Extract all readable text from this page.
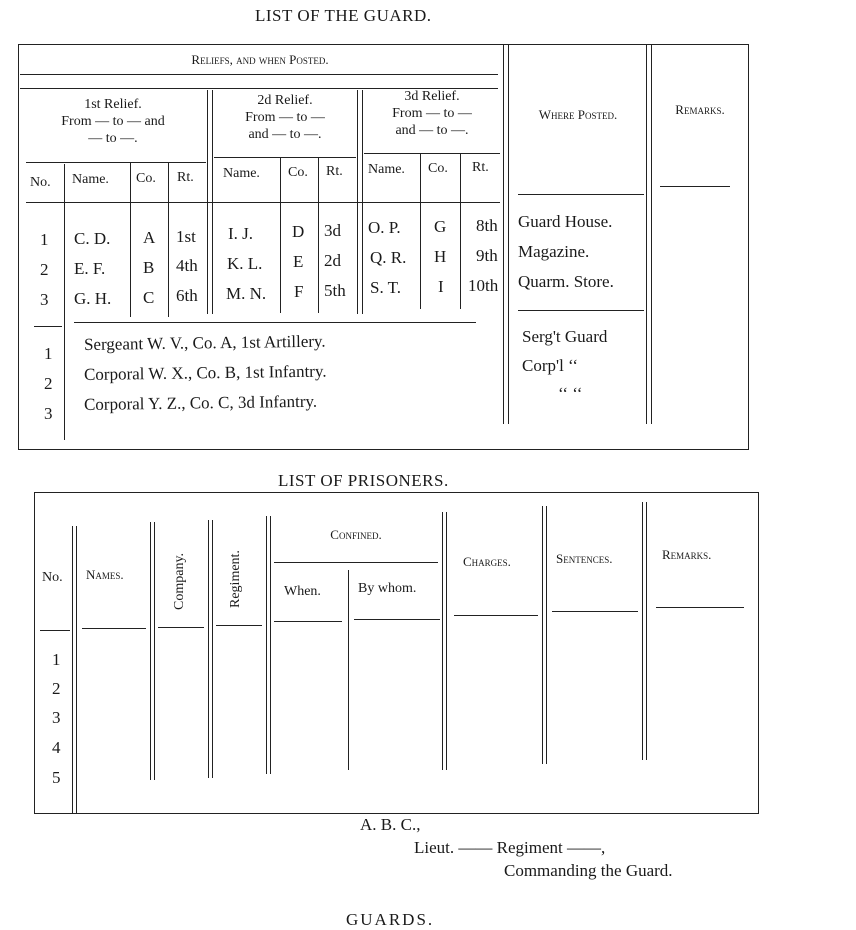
LIST OF THE GUARD.
Reliefs, and when Posted.
1st Relief.
From — to — and
— to —.
2d Relief.
From — to —
and — to —.
3d Relief.
From — to —
and — to —.
Where Posted.	Remarks.
No. Name. Co. Rt. Name. Co. Rt. Name. Co. Rt.
1 C. D. A 1st I. J. D 3d O. P. G 8th Guard House.
2 E. F. B 4th K. L. E 2d Q. R. H 9th Magazine.
3 G. H. C 6th M. N. F 5th S. T. I 10th Quarm. Store.
1 Sergeant W. V., Co. A, 1st Artillery.	Serg't Guard
2 Corporal W. X., Co. B, 1st Infantry.	Corp'l ‘‘
3 Corporal Y. Z., Co. C, 3d Infantry.	‘‘ ‘‘
LIST OF PRISONERS.
No. Names.	Company.	Regiment.
Confined.
When.	By whom.
Charges.	Sentences.	Remarks.
1
2
3
4
5
A. B. C.,
Lieut. —— Regiment ——,
Commanding the Guard.
GUARDS.
